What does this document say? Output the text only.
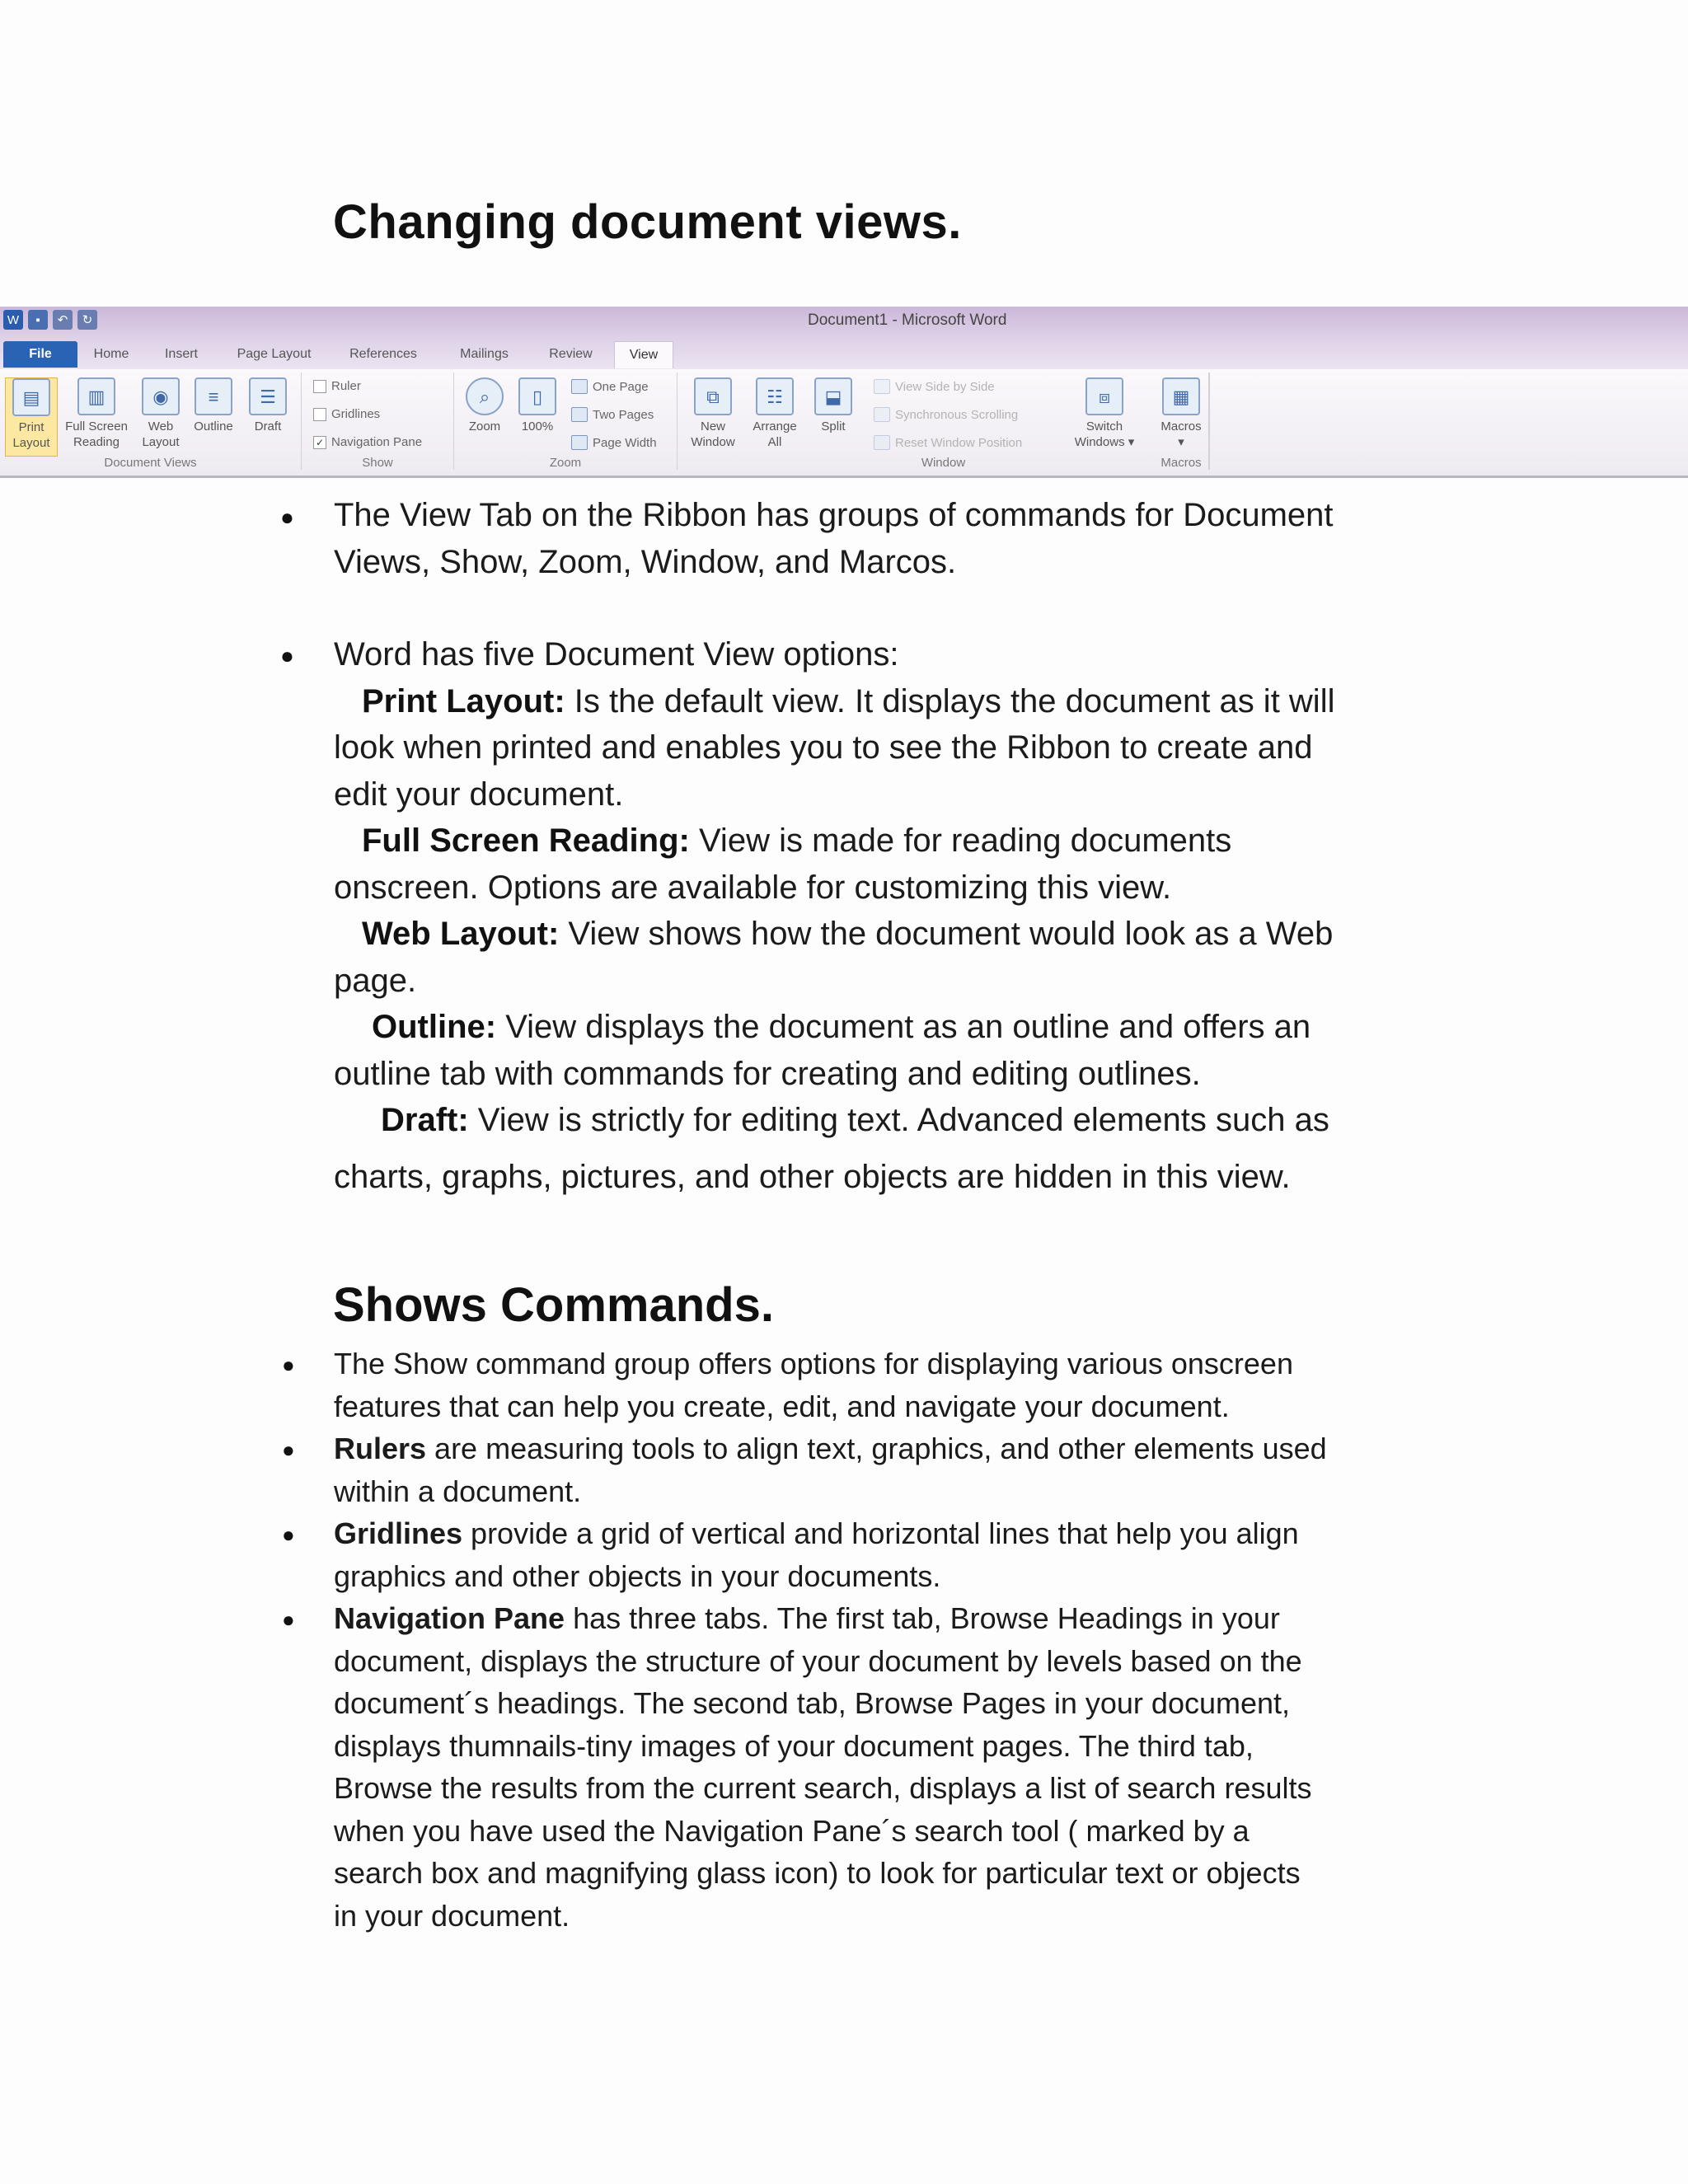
Changing document views.
W	▪	↶	↻	Document1 - Microsoft Word
File	Home	Insert	Page Layout	References	Mailings	Review	View
▤
Print
Layout
▥
Full Screen
Reading
◉
Web
Layout
≡
Outline
☰
Draft
Document Views
Ruler
Gridlines
✓ Navigation Pane
Show
⌕
Zoom
▯
100%
One Page
Two Pages
Page Width
Zoom
⧉
New
Window
☷
Arrange
All
⬓
Split
View Side by Side
Synchronous Scrolling
Reset Window Position
⧈
Switch
Windows ▾
Window
▦
Macros
▾
Macros
● The View Tab on the Ribbon has groups of commands for Document
Views, Show, Zoom, Window, and Marcos.

● Word has five Document View options:
Print Layout: Is the default view. It displays the document as it will
look when printed and enables you to see the Ribbon to create and
edit your document.
Full Screen Reading: View is made for reading documents
onscreen. Options are available for customizing this view.
Web Layout: View shows how the document would look as a Web
page.
Outline: View displays the document as an outline and offers an
outline tab with commands for creating and editing outlines.
Draft: View is strictly for editing text. Advanced elements such as
charts, graphs, pictures, and other objects are hidden in this view.

Shows Commands.
● The Show command group offers options for displaying various onscreen
features that can help you create, edit, and navigate your document.

● Rulers are measuring tools to align text, graphics, and other elements used
within a document.

● Gridlines provide a grid of vertical and horizontal lines that help you align
graphics and other objects in your documents.

● Navigation Pane has three tabs. The first tab, Browse Headings in your
document, displays the structure of your document by levels based on the
document´s headings. The second tab, Browse Pages in your document,
displays thumnails-tiny images of your document pages. The third tab,
Browse the results from the current search, displays a list of search results
when you have used the Navigation Pane´s search tool ( marked by a
search box and magnifying glass icon) to look for particular text or objects
in your document.
